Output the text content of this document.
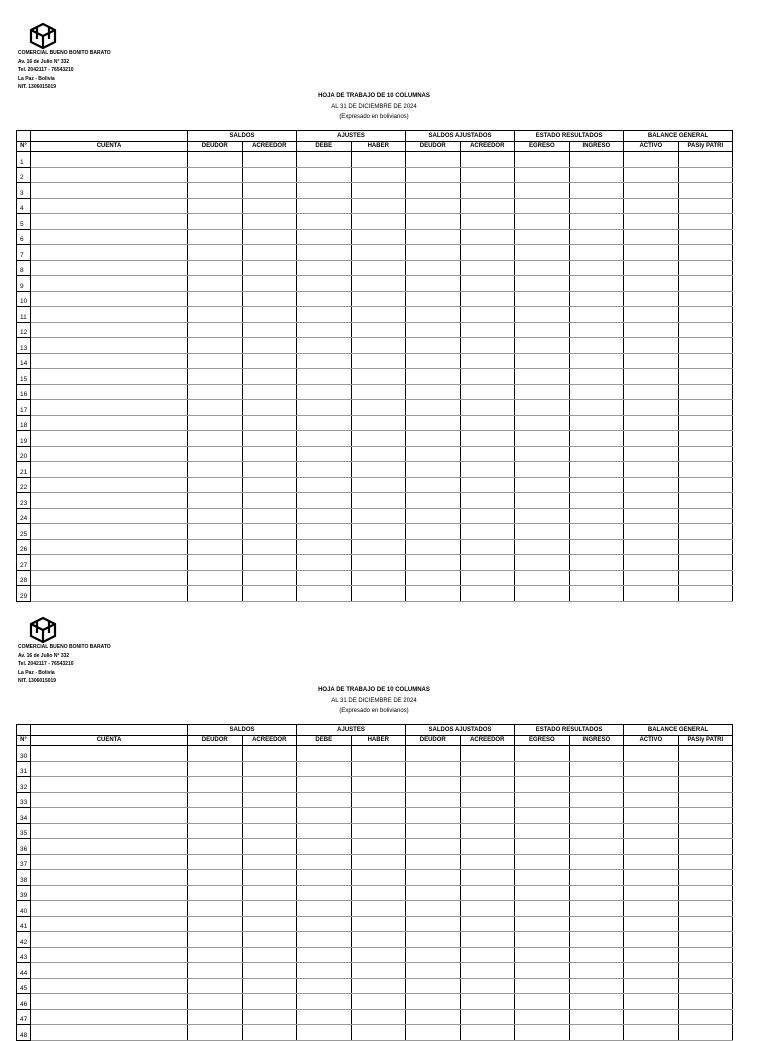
COMERCIAL BUENO BONITO BARATO
Av. 16 de Julio N° 332
Tel. 2042117 - 76543210
La Paz - Bolivia
NIT. 1306015019
HOJA DE TRABAJO DE 10 COLUMNAS
AL 31 DE DICIEMBRE DE 2024
(Expresado en bolivianos)
		SALDOS		AJUSTES		SALDOS AJUSTADOS		ESTADO RESULTADOS		BALANCE GENERAL	
N°	CUENTA	DEUDOR	ACREEDOR	DEBE	HABER	DEUDOR	ACREEDOR	EGRESO	INGRESO	ACTIVO	PASIy PATRI
1											
2											
3											
4											
5											
6											
7											
8											
9											
10											
11											
12											
13											
14											
15											
16											
17											
18											
19											
20											
21											
22											
23											
24											
25											
26											
27											
28											
29											
COMERCIAL BUENO BONITO BARATO
Av. 16 de Julio N° 332
Tel. 2042117 - 76543210
La Paz - Bolivia
NIT. 1306015019
HOJA DE TRABAJO DE 10 COLUMNAS
AL 31 DE DICIEMBRE DE 2024
(Expresado en bolivianos)
		SALDOS		AJUSTES		SALDOS AJUSTADOS		ESTADO RESULTADOS		BALANCE GENERAL	
N°	CUENTA	DEUDOR	ACREEDOR	DEBE	HABER	DEUDOR	ACREEDOR	EGRESO	INGRESO	ACTIVO	PASIy PATRI
30											
31											
32											
33											
34											
35											
36											
37											
38											
39											
40											
41											
42											
43											
44											
45											
46											
47											
48											
